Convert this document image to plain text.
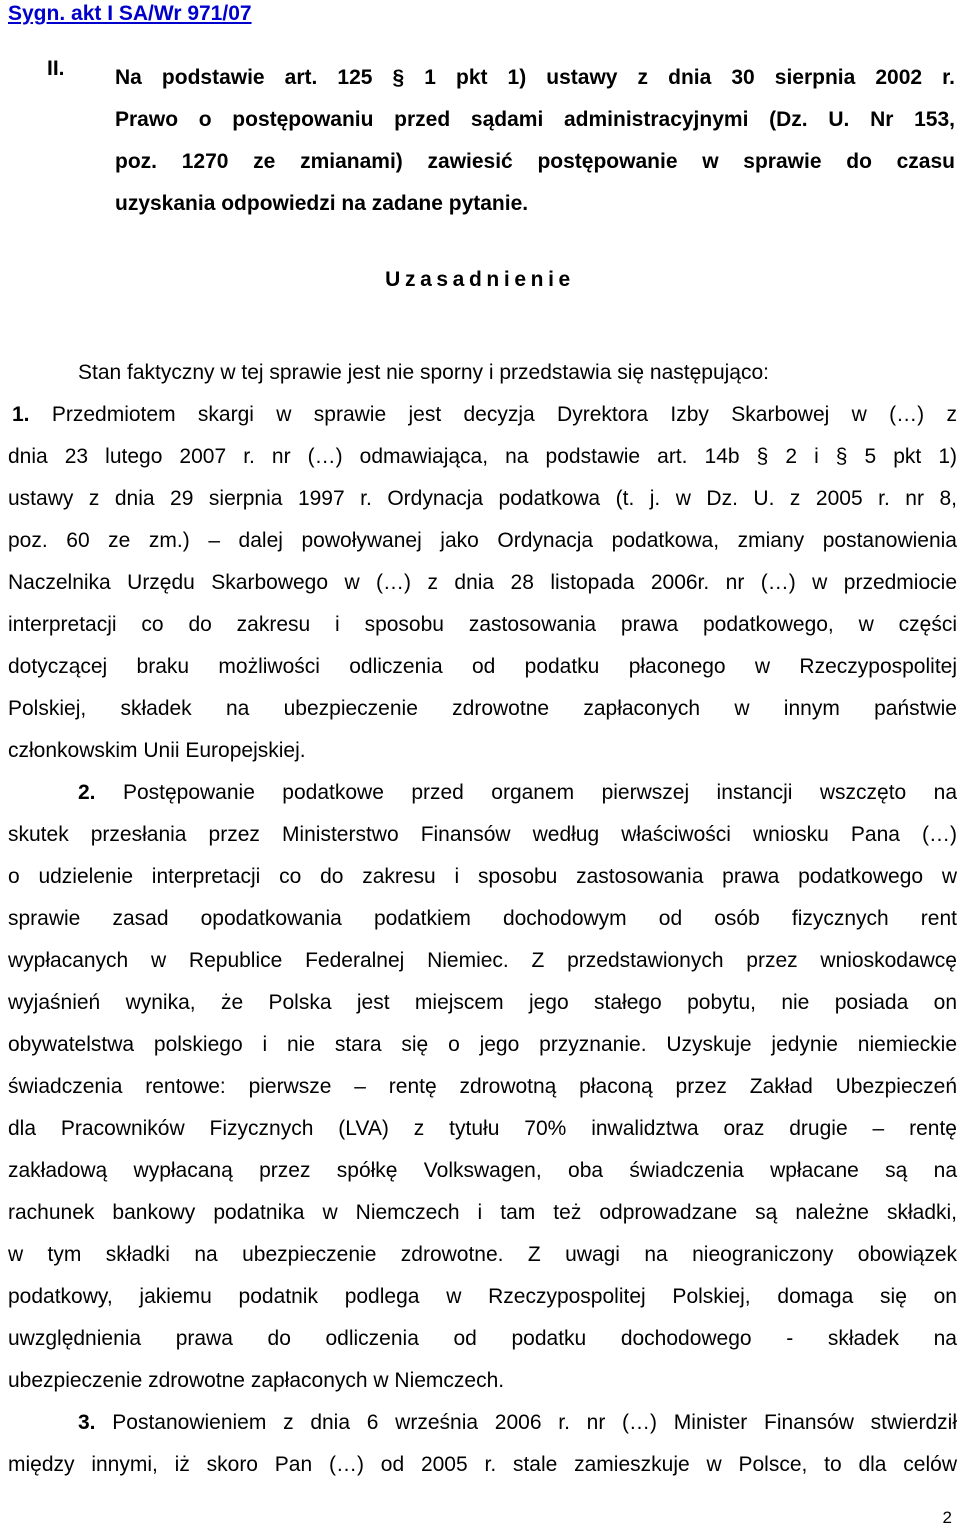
Sygn. akt I SA/Wr 971/07

II. Na podstawie art. 125 § 1 pkt 1) ustawy z dnia 30 sierpnia 2002 r.
Prawo o postępowaniu przed sądami administracyjnymi (Dz. U. Nr 153,
poz. 1270 ze zmianami) zawiesić postępowanie w sprawie do czasu
uzyskania odpowiedzi na zadane pytanie.

Uzasadnienie

Stan faktyczny w tej sprawie jest nie sporny i przedstawia się następująco:
1. Przedmiotem skargi w sprawie jest decyzja Dyrektora Izby Skarbowej w (…) z
dnia 23 lutego 2007 r. nr (…) odmawiająca, na podstawie art. 14b § 2 i § 5 pkt 1)
ustawy z dnia 29 sierpnia 1997 r. Ordynacja podatkowa (t. j. w Dz. U. z 2005 r. nr 8,
poz. 60 ze zm.) – dalej powoływanej jako Ordynacja podatkowa, zmiany postanowienia
Naczelnika Urzędu Skarbowego w (…) z dnia 28 listopada 2006r. nr (…) w przedmiocie
interpretacji co do zakresu i sposobu zastosowania prawa podatkowego, w części
dotyczącej braku możliwości odliczenia od podatku płaconego w Rzeczypospolitej
Polskiej, składek na ubezpieczenie zdrowotne zapłaconych w innym państwie
członkowskim Unii Europejskiej.
2. Postępowanie podatkowe przed organem pierwszej instancji wszczęto na
skutek przesłania przez Ministerstwo Finansów według właściwości wniosku Pana (…)
o udzielenie interpretacji co do zakresu i sposobu zastosowania prawa podatkowego w
sprawie zasad opodatkowania podatkiem dochodowym od osób fizycznych rent
wypłacanych w Republice Federalnej Niemiec. Z przedstawionych przez wnioskodawcę
wyjaśnień wynika, że Polska jest miejscem jego stałego pobytu, nie posiada on
obywatelstwa polskiego i nie stara się o jego przyznanie. Uzyskuje jedynie niemieckie
świadczenia rentowe: pierwsze – rentę zdrowotną płaconą przez Zakład Ubezpieczeń
dla Pracowników Fizycznych (LVA) z tytułu 70% inwalidztwa oraz drugie – rentę
zakładową wypłacaną przez spółkę Volkswagen, oba świadczenia wpłacane są na
rachunek bankowy podatnika w Niemczech i tam też odprowadzane są należne składki,
w tym składki na ubezpieczenie zdrowotne. Z uwagi na nieograniczony obowiązek
podatkowy, jakiemu podatnik podlega w Rzeczypospolitej Polskiej, domaga się on
uwzględnienia prawa do odliczenia od podatku dochodowego - składek na
ubezpieczenie zdrowotne zapłaconych w Niemczech.
3. Postanowieniem z dnia 6 września 2006 r. nr (…) Minister Finansów stwierdził
między innymi, iż skoro Pan (…) od 2005 r. stale zamieszkuje w Polsce, to dla celów

2
